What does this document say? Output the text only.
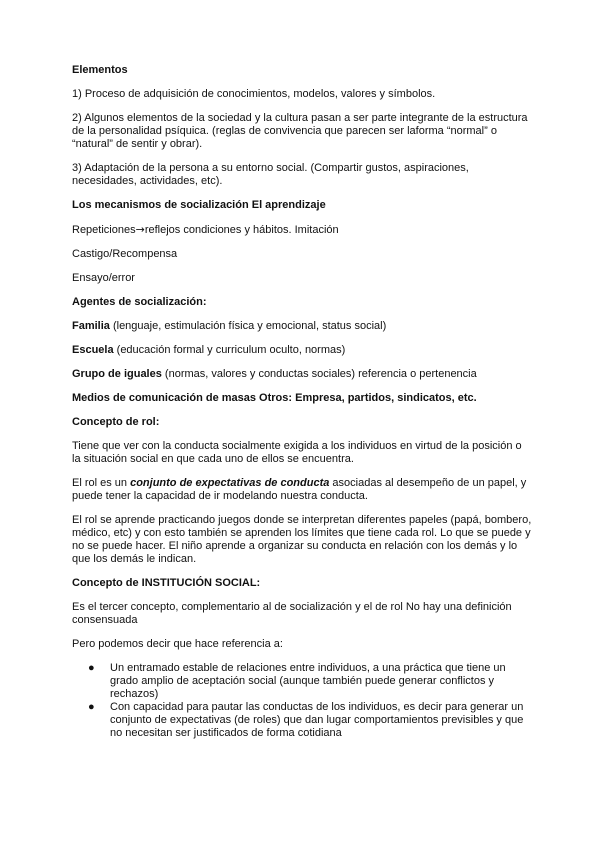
Elementos

1) Proceso de adquisición de conocimientos, modelos, valores y símbolos.

2) Algunos elementos de la sociedad y la cultura pasan a ser parte integrante de la estructura de la personalidad psíquica. (reglas de convivencia que parecen ser laforma “normal” o “natural” de sentir y obrar).

3) Adaptación de la persona a su entorno social. (Compartir gustos, aspiraciones, necesidades, actividades, etc).

Los mecanismos de socialización El aprendizaje

Repeticiones→reflejos condiciones y hábitos. Imitación

Castigo/Recompensa

Ensayo/error

Agentes de socialización:

Familia (lenguaje, estimulación física y emocional, status social)

Escuela (educación formal y curriculum oculto, normas)

Grupo de iguales (normas, valores y conductas sociales) referencia o pertenencia

Medios de comunicación de masas Otros: Empresa, partidos, sindicatos, etc.

Concepto de rol:

Tiene que ver con la conducta socialmente exigida a los individuos en virtud de la posición o la situación social en que cada uno de ellos se encuentra.

El rol es un conjunto de expectativas de conducta asociadas al desempeño de un papel, y puede tener la capacidad de ir modelando nuestra conducta.

El rol se aprende practicando juegos donde se interpretan diferentes papeles (papá, bombero, médico, etc) y con esto también se aprenden los límites que tiene cada rol. Lo que se puede y no se puede hacer. El niño aprende a organizar su conducta en relación con los demás y lo que los demás le indican.

Concepto de INSTITUCIÓN SOCIAL:

Es el tercer concepto, complementario al de socialización y el de rol No hay una definición consensuada

Pero podemos decir que hace referencia a:

● Un entramado estable de relaciones entre individuos, a una práctica que tiene un grado amplio de aceptación social (aunque también puede generar conflictos y rechazos)
● Con capacidad para pautar las conductas de los individuos, es decir para generar un conjunto de expectativas (de roles) que dan lugar comportamientos previsibles y que no necesitan ser justificados de forma cotidiana
